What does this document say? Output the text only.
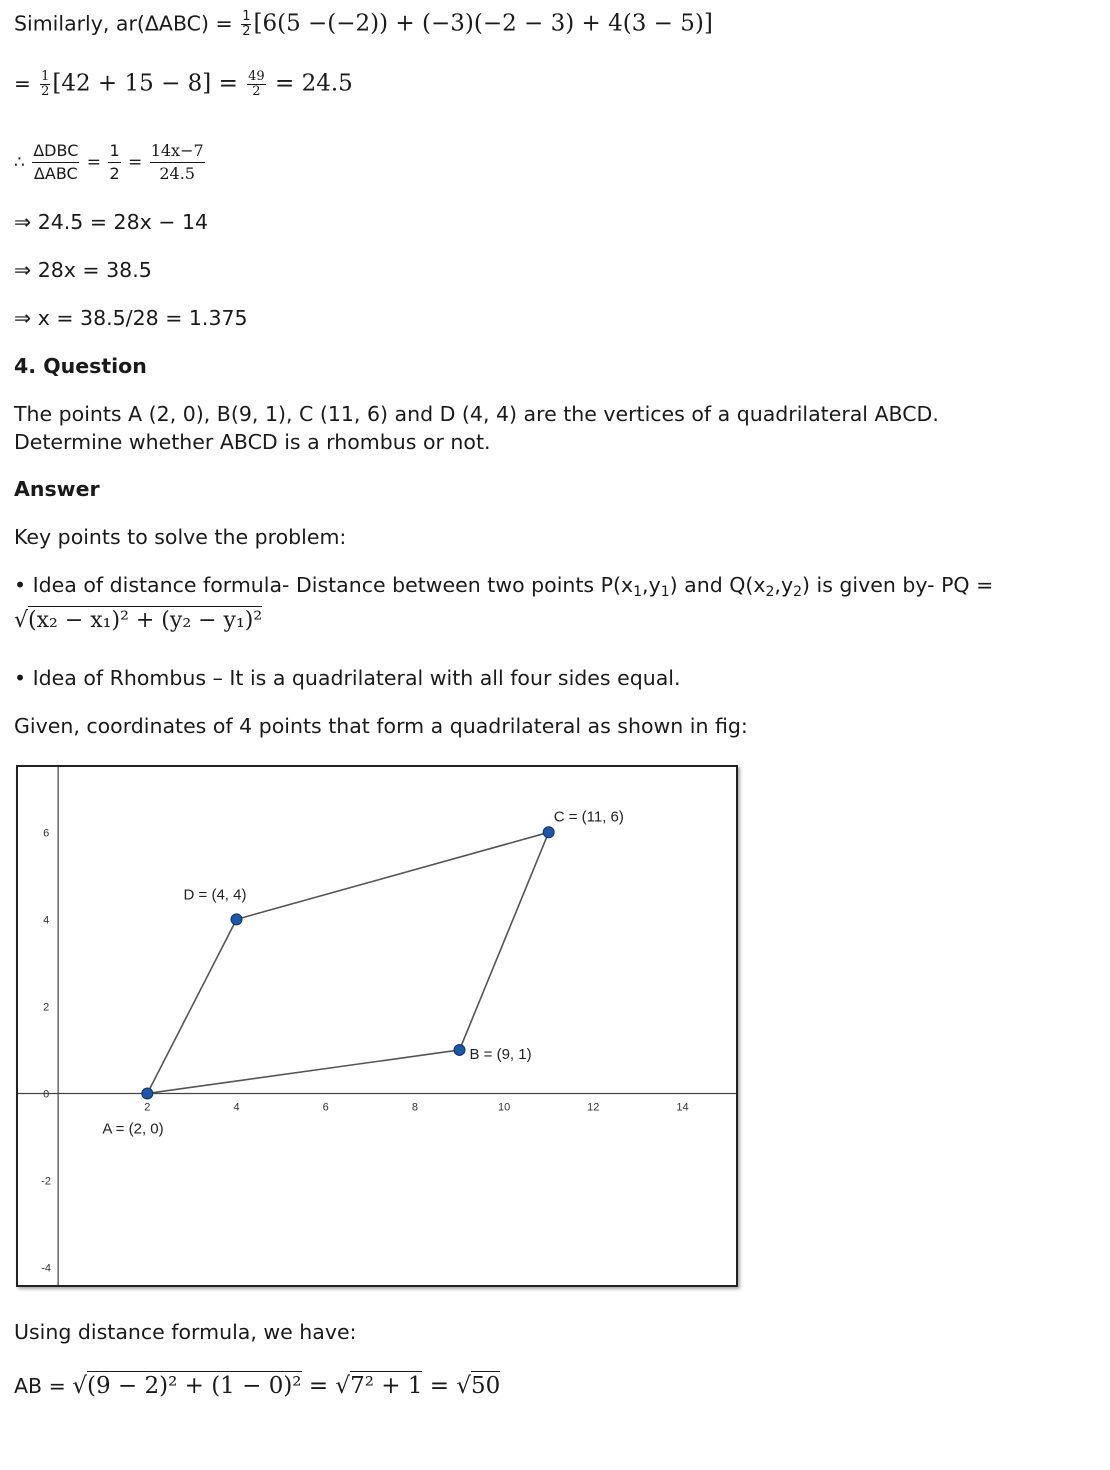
Similarly, $ar(\Delta ABC) = \frac{1}{2} [6(5 -(-2)) + (-3)(-2 - 3) + 4(3 - 5)]$
= $\frac{1}{2} [42 + 15 - 8] = \frac{49}{2} = 24.5$
∴ $\frac{\text{ΔDBC}}{\text{ΔABC}} = \frac{1}{2} = \frac{14x-7}{24.5}$
⇒ 24.5 = 28x − 14
⇒ 28x = 38.5
⇒ x = 38.5/28 = 1.375
4. Question
The points A (2, 0), B(9, 1), C (11, 6) and D (4, 4) are the vertices of a quadrilateral ABCD.
Determine whether ABCD is a rhombus or not.
Answer
Key points to solve the problem:
• Idea of distance formula- Distance between two points $P(x_1,y_1)$ and $Q(x_2,y_2)$ is given by- PQ =
√(x₂ − x₁)² + (y₂ − y₁)²
• Idea of Rhombus – It is a quadrilateral with all four sides equal.
Given, coordinates of 4 points that form a quadrilateral as shown in fig:
2	4	6	8	10	12	14
6
4
2
0
-2
-4
A = (2, 0)
B = (9, 1)
C = (11, 6)
D = (4, 4)
Using distance formula, we have:
AB = √(9 − 2)² + (1 − 0)² = √7² + 1 = √50
